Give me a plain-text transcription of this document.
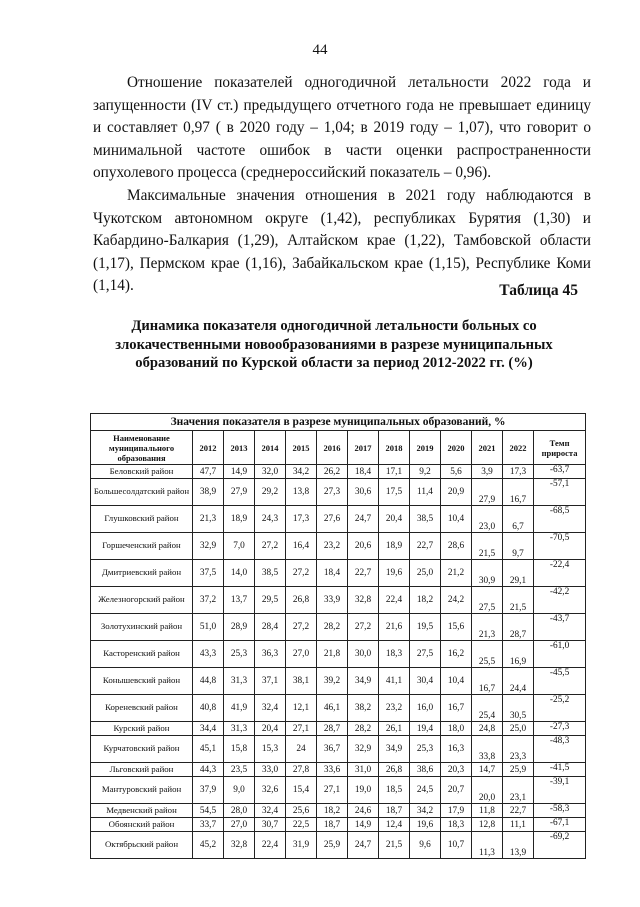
44

Отношение показателей одногодичной летальности 2022 года и запущенности (IV ст.) предыдущего отчетного года не превышает единицу и составляет 0,97 ( в 2020 году – 1,04; в 2019 году – 1,07), что говорит о минимальной частоте ошибок в части оценки распространенности опухолевого процесса (среднероссийский показатель – 0,96).

Максимальные значения отношения в 2021 году наблюдаются в Чукотском автономном округе (1,42), республиках Бурятия (1,30) и Кабардино-Балкария (1,29), Алтайском крае (1,22), Тамбовской области (1,17), Пермском крае (1,16), Забайкальском крае (1,15), Республике Коми (1,14).	Таблица 45
Динамика показателя одногодичной летальности больных со злокачественными новообразованиями в разрезе муниципальных образований по Курской области за период 2012-2022 гг. (%)
Значения показателя в разрезе муниципальных образований, %												
Наименование муниципального образования	2012	2013	2014	2015	2016	2017	2018	2019	2020	2021	2022	Темп прироста
Беловский район	47,7	14,9	32,0	34,2	26,2	18,4	17,1	9,2	5,6	3,9	17,3	-63,7
Большесолдатский район	38,9	27,9	29,2	13,8	27,3	30,6	17,5	11,4	20,9	27,9	16,7	-57,1
Глушковский район	21,3	18,9	24,3	17,3	27,6	24,7	20,4	38,5	10,4	23,0	6,7	-68,5
Горшеченский район	32,9	7,0	27,2	16,4	23,2	20,6	18,9	22,7	28,6	21,5	9,7	-70,5
Дмитриевский район	37,5	14,0	38,5	27,2	18,4	22,7	19,6	25,0	21,2	30,9	29,1	-22,4
Железногорский район	37,2	13,7	29,5	26,8	33,9	32,8	22,4	18,2	24,2	27,5	21,5	-42,2
Золотухинский район	51,0	28,9	28,4	27,2	28,2	27,2	21,6	19,5	15,6	21,3	28,7	-43,7
Касторенский район	43,3	25,3	36,3	27,0	21,8	30,0	18,3	27,5	16,2	25,5	16,9	-61,0
Конышевский район	44,8	31,3	37,1	38,1	39,2	34,9	41,1	30,4	10,4	16,7	24,4	-45,5
Кореневский район	40,8	41,9	32,4	12,1	46,1	38,2	23,2	16,0	16,7	25,4	30,5	-25,2
Курский район	34,4	31,3	20,4	27,1	28,7	28,2	26,1	19,4	18,0	24,8	25,0	-27,3
Курчатовский район	45,1	15,8	15,3	24	36,7	32,9	34,9	25,3	16,3	33,8	23,3	-48,3
Льговский район	44,3	23,5	33,0	27,8	33,6	31,0	26,8	38,6	20,3	14,7	25,9	-41,5
Мантуровский район	37,9	9,0	32,6	15,4	27,1	19,0	18,5	24,5	20,7	20,0	23,1	-39,1
Медвенский район	54,5	28,0	32,4	25,6	18,2	24,6	18,7	34,2	17,9	11,8	22,7	-58,3
Обоянский район	33,7	27,0	30,7	22,5	18,7	14,9	12,4	19,6	18,3	12,8	11,1	-67,1
Октябрьский район	45,2	32,8	22,4	31,9	25,9	24,7	21,5	9,6	10,7	11,3	13,9	-69,2
